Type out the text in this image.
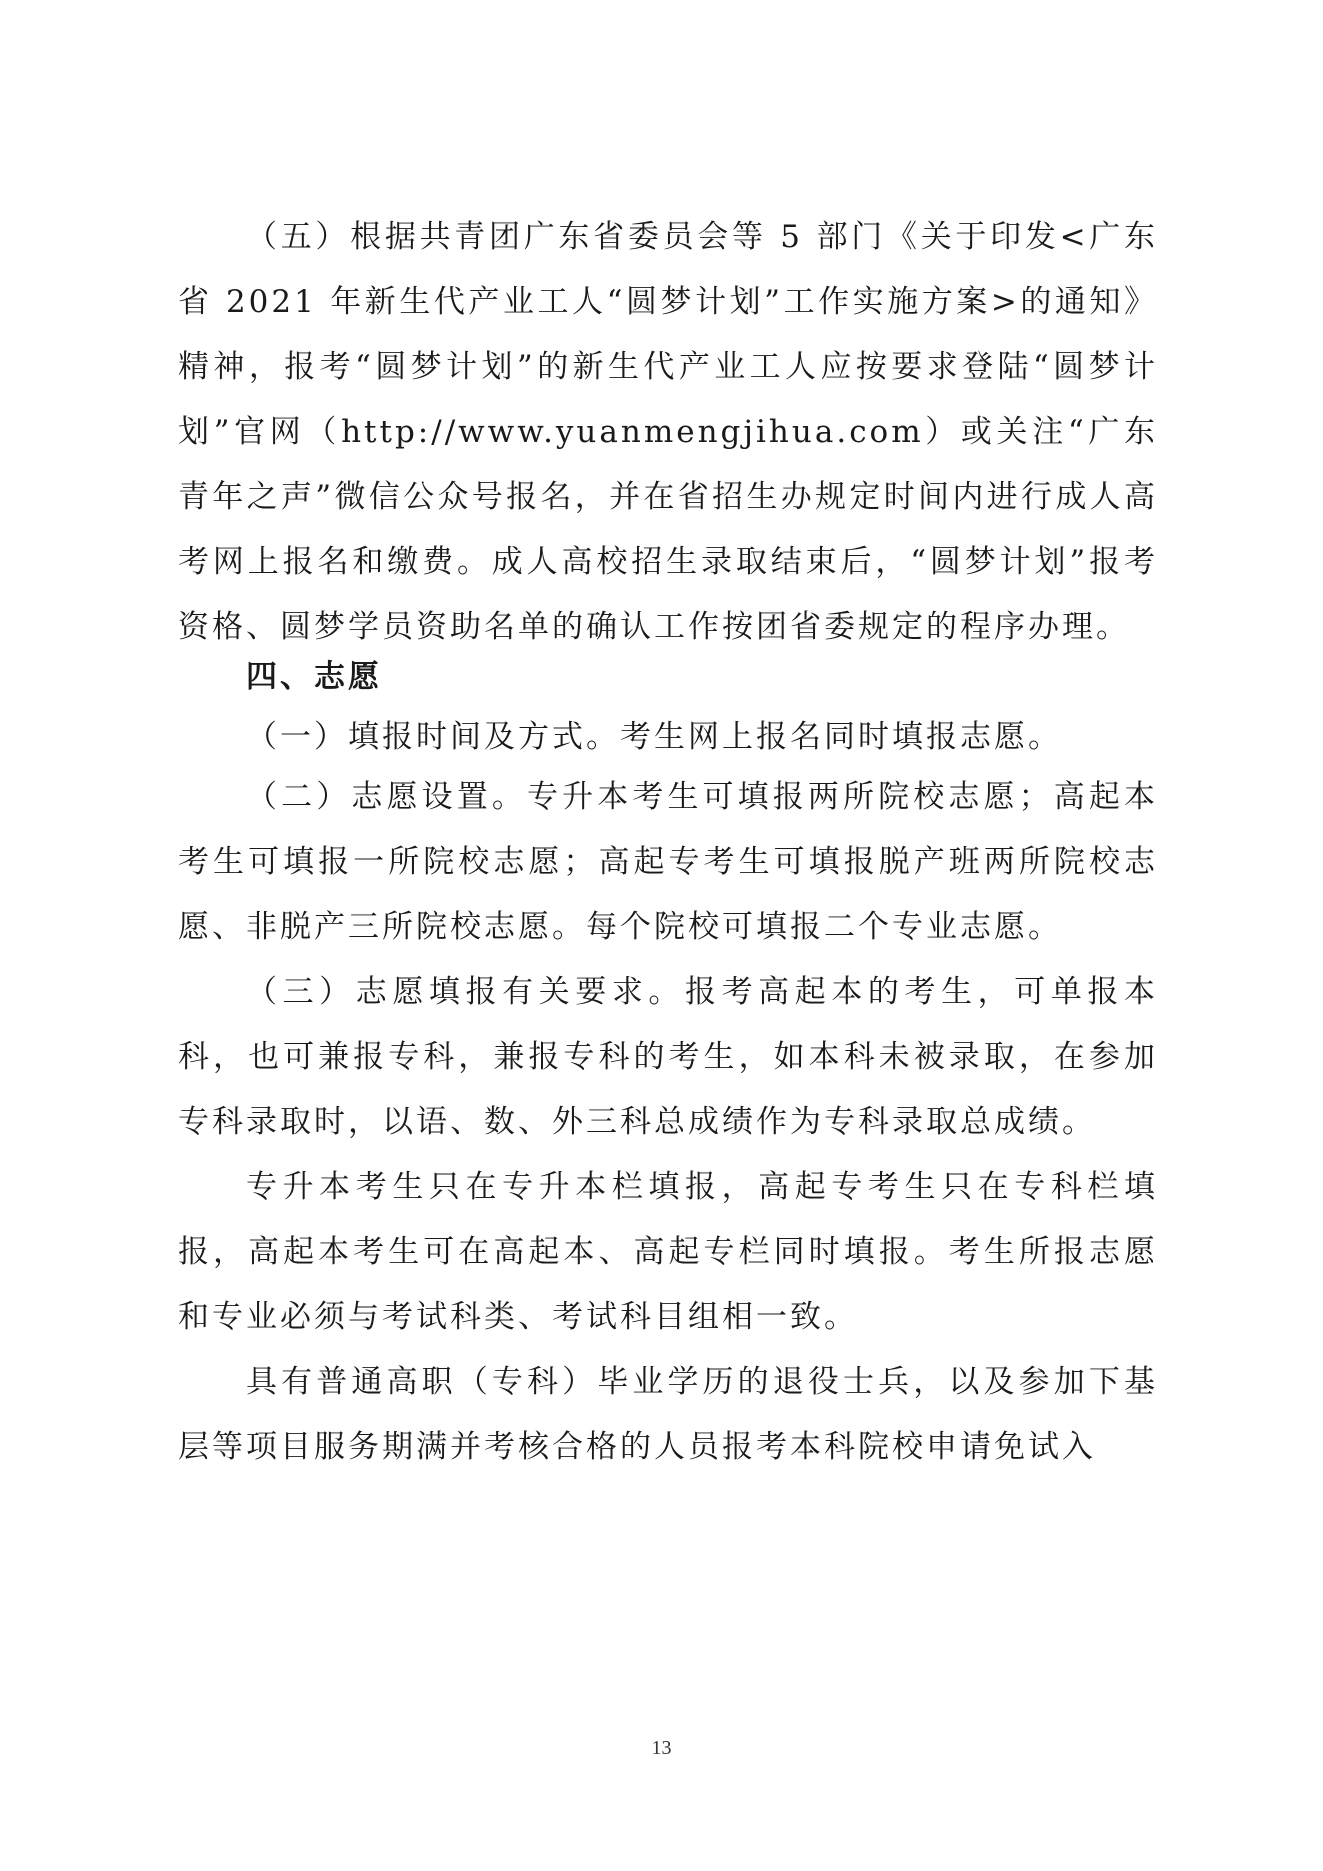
（五）根据共青团广东省委员会等 5 部门《关于印发<广东省 2021 年新生代产业工人“圆梦计划”工作实施方案>的通知》精神，报考“圆梦计划”的新生代产业工人应按要求登陆“圆梦计划”官网（http://www.yuanmengjihua.com）或关注“广东青年之声”微信公众号报名，并在省招生办规定时间内进行成人高考网上报名和缴费。成人高校招生录取结束后，“圆梦计划”报考资格、圆梦学员资助名单的确认工作按团省委规定的程序办理。

四、志愿

（一）填报时间及方式。考生网上报名同时填报志愿。

（二）志愿设置。专升本考生可填报两所院校志愿；高起本考生可填报一所院校志愿；高起专考生可填报脱产班两所院校志愿、非脱产三所院校志愿。每个院校可填报二个专业志愿。

（三）志愿填报有关要求。报考高起本的考生，可单报本科，也可兼报专科，兼报专科的考生，如本科未被录取，在参加专科录取时，以语、数、外三科总成绩作为专科录取总成绩。

专升本考生只在专升本栏填报，高起专考生只在专科栏填报，高起本考生可在高起本、高起专栏同时填报。考生所报志愿和专业必须与考试科类、考试科目组相一致。

具有普通高职（专科）毕业学历的退役士兵，以及参加下基层等项目服务期满并考核合格的人员报考本科院校申请免试入

13
